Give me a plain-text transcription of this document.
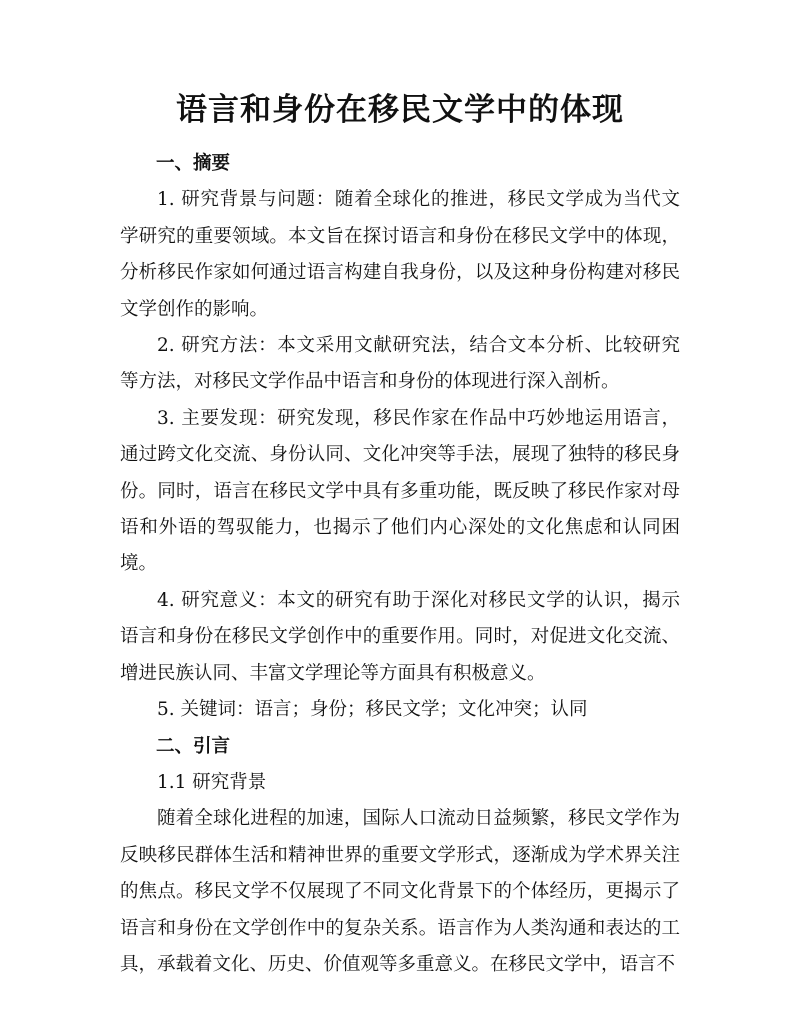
语言和身份在移民文学中的体现

一、摘要

1. 研究背景与问题：随着全球化的推进，移民文学成为当代文学研究的重要领域。本文旨在探讨语言和身份在移民文学中的体现，分析移民作家如何通过语言构建自我身份，以及这种身份构建对移民文学创作的影响。

2. 研究方法：本文采用文献研究法，结合文本分析、比较研究等方法，对移民文学作品中语言和身份的体现进行深入剖析。

3. 主要发现：研究发现，移民作家在作品中巧妙地运用语言，通过跨文化交流、身份认同、文化冲突等手法，展现了独特的移民身份。同时，语言在移民文学中具有多重功能，既反映了移民作家对母语和外语的驾驭能力，也揭示了他们内心深处的文化焦虑和认同困境。

4. 研究意义：本文的研究有助于深化对移民文学的认识，揭示语言和身份在移民文学创作中的重要作用。同时，对促进文化交流、增进民族认同、丰富文学理论等方面具有积极意义。

5. 关键词：语言；身份；移民文学；文化冲突；认同

二、引言

1.1 研究背景

随着全球化进程的加速，国际人口流动日益频繁，移民文学作为反映移民群体生活和精神世界的重要文学形式，逐渐成为学术界关注的焦点。移民文学不仅展现了不同文化背景下的个体经历，更揭示了语言和身份在文学创作中的复杂关系。语言作为人类沟通和表达的工具，承载着文化、历史、价值观等多重意义。在移民文学中，语言不
